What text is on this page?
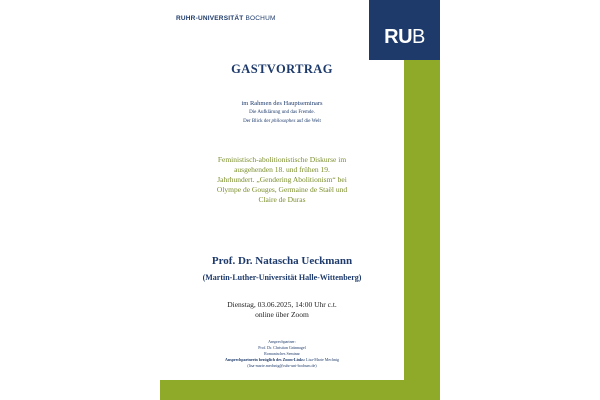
RUHR-UNIVERSITÄT BOCHUM
RUB
GASTVORTRAG
im Rahmen des Hauptseminars
Die Aufklärung und das Fremde.
Der Blick der philosophes auf die Welt
Feministisch-abolitionistische Diskurse im
ausgehenden 18. und frühen 19.
Jahrhundert. „Gendering Abolitionism“ bei
Olympe de Gouges, Germaine de Staël und
Claire de Duras
Prof. Dr. Natascha Ueckmann
(Martin-Luther-Universität Halle-Wittenberg)
Dienstag, 03.06.2025, 14:00 Uhr c.t.
online über Zoom
Ansprechpartner:
Prof. Dr. Christian Grünnagel
Romanisches Seminar
Ansprechpartnerin bezüglich des Zoom-Links: Lisa-Marie Mechnig
(lisa-marie.mechnig@ruhr-uni-bochum.de)
